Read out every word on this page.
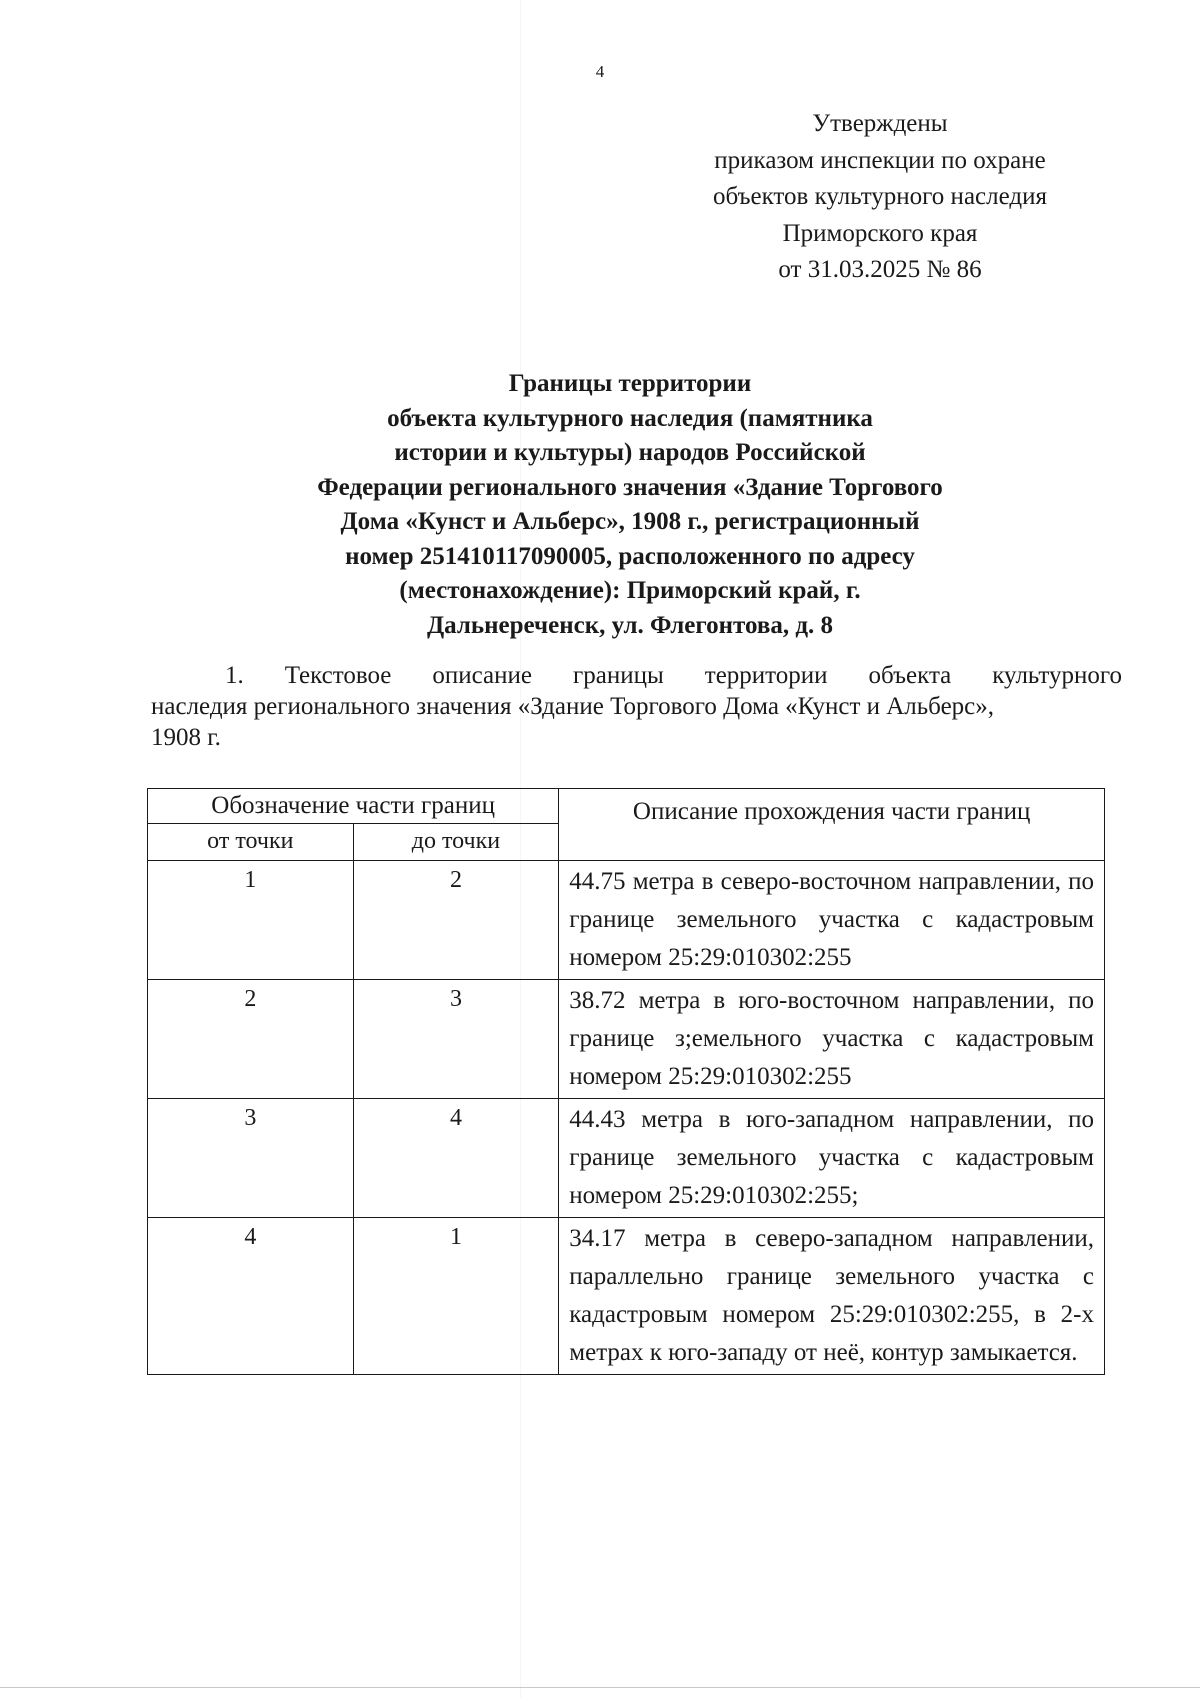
4
Утверждены
приказом инспекции по охране
объектов культурного наследия
Приморского края
от 31.03.2025 № 86
Границы территории
объекта культурного наследия (памятника
истории и культуры) народов Российской
Федерации регионального значения «Здание Торгового
Дома «Кунст и Альберс», 1908 г., регистрационный
номер 251410117090005, расположенного по адресу
(местонахождение): Приморский край, г.
Дальнереченск, ул. Флегонтова, д. 8

1. Текстовое описание границы территории объекта культурного

наследия регионального значения «Здание Торгового Дома «Кунст и Альберс»,

1908 г.

Обозначение части границ		Описание прохождения части границ
от точки	до точки	
1	2	44.75 метра в северо-восточном направлении, по границе земельного участка с кадастровым номером 25:29:010302:255
2	3	38.72 метра в юго-восточном направлении, по границе з;емельного участка с кадастровым номером 25:29:010302:255
3	4	44.43 метра в юго-западном направлении, по границе земельного участка с кадастровым номером 25:29:010302:255;
4	1	34.17 метра в северо-западном направлении, параллельно границе земельного участка с кадастровым номером 25:29:010302:255, в 2-х метрах к юго-западу от неё, контур замыкается.
